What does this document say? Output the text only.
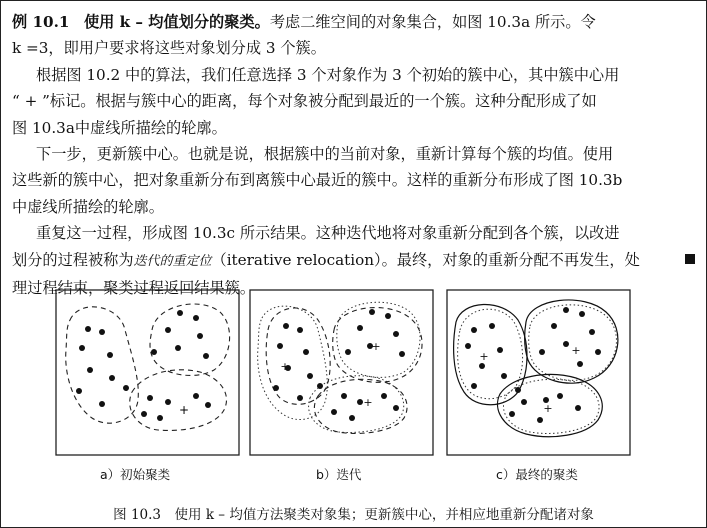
例 10.1 使用 k – 均值划分的聚类。考虑二维空间的对象集合，如图 10.3a 所示。令
k =3，即用户要求将这些对象划分成 3 个簇。

根据图 10.2 中的算法，我们任意选择 3 个对象作为 3 个初始的簇中心，其中簇中心用
“ + ”标记。根据与簇中心的距离，每个对象被分配到最近的一个簇。这种分配形成了如
图 10.3a中虚线所描绘的轮廓。

下一步，更新簇中心。也就是说，根据簇中的当前对象，重新计算每个簇的均值。使用
这些新的簇中心，把对象重新分布到离簇中心最近的簇中。这样的重新分布形成了图 10.3b
中虚线所描绘的轮廓。

重复这一过程，形成图 10.3c 所示结果。这种迭代地将对象重新分配到各个簇，以改进
划分的过程被称为迭代的重定位（iterative relocation）。最终，对象的重新分配不再发生，处
理过程结束，聚类过程返回结果簇。

+
+
+
+
+	+
+
a）初始聚类	b）迭代	c）最终的聚类
图 10.3　使用 k – 均值方法聚类对象集；更新簇中心，并相应地重新分配诸对象
